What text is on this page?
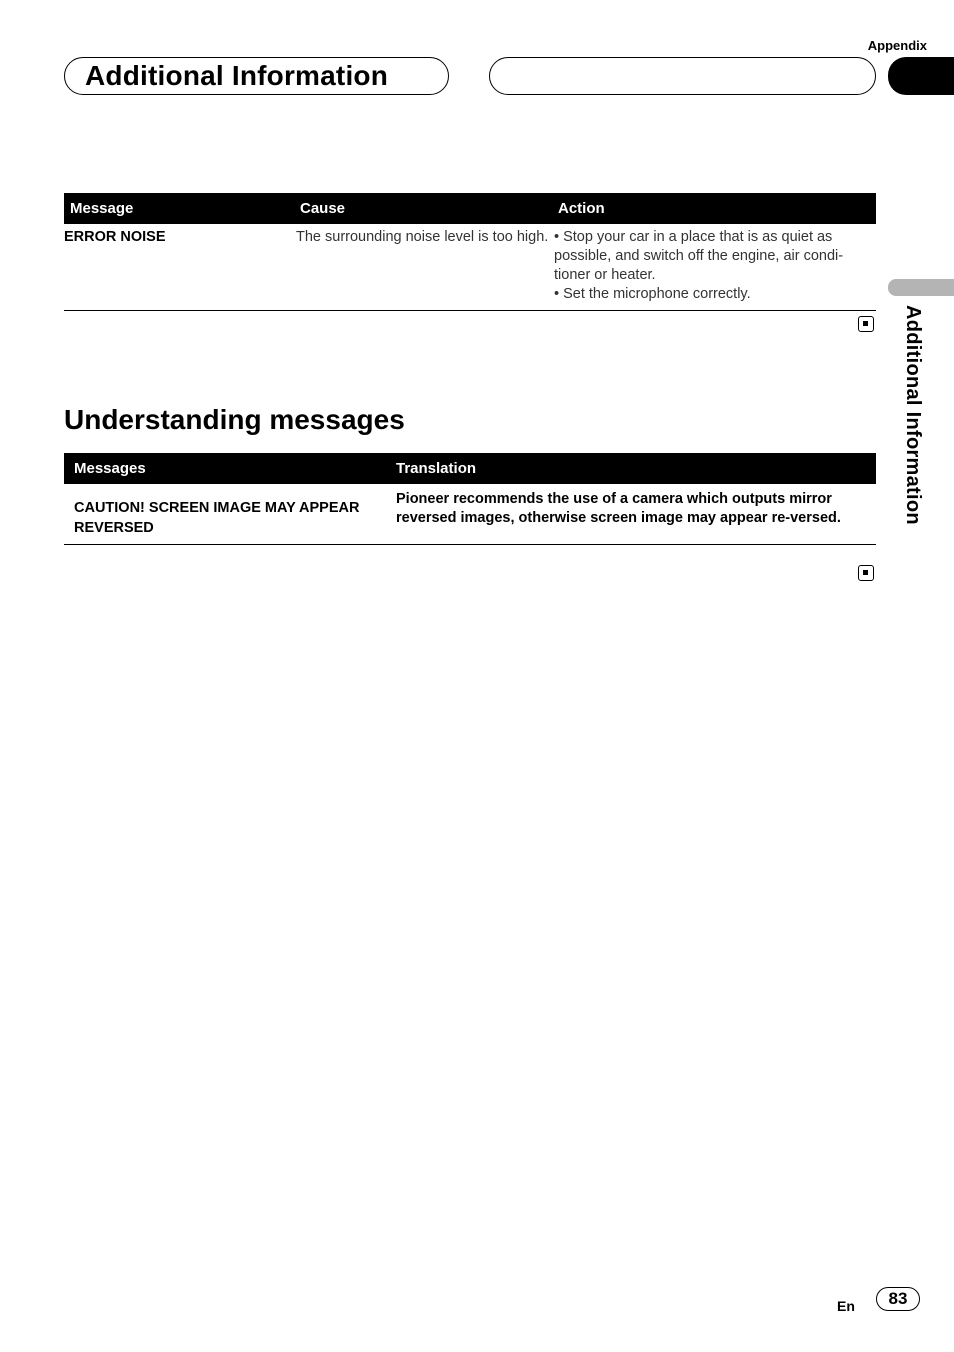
Appendix
Additional Information
Additional Information
Message	Cause	Action
ERROR NOISE	The surrounding noise level is too high.	• Stop your car in a place that is as quiet as possible, and switch off the engine, air condi-tioner or heater.
• Set the microphone correctly.
Understanding messages
Messages	Translation
CAUTION! SCREEN IMAGE MAY APPEAR REVERSED	Pioneer recommends the use of a camera which outputs mirror reversed images, otherwise screen image may appear re-versed.
En	83
